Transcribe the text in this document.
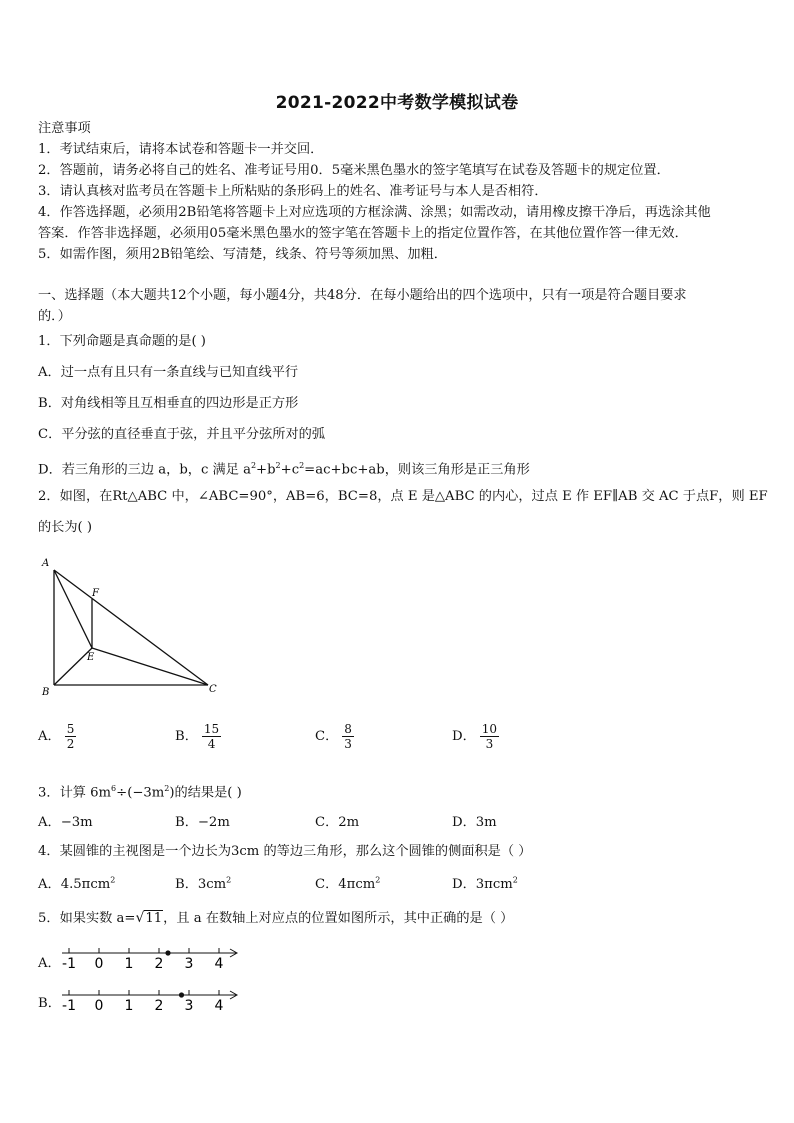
2021-2022中考数学模拟试卷
注意事项
1．考试结束后，请将本试卷和答题卡一并交回．
2．答题前，请务必将自己的姓名、准考证号用0．5毫米黑色墨水的签字笔填写在试卷及答题卡的规定位置．
3．请认真核对监考员在答题卡上所粘贴的条形码上的姓名、准考证号与本人是否相符．
4．作答选择题，必须用2B铅笔将答题卡上对应选项的方框涂满、涂黑；如需改动，请用橡皮擦干净后，再选涂其他
答案．作答非选择题，必须用05毫米黑色墨水的签字笔在答题卡上的指定位置作答，在其他位置作答一律无效．
5．如需作图，须用2B铅笔绘、写清楚，线条、符号等须加黑、加粗．
一、选择题（本大题共12个小题，每小题4分，共48分．在每小题给出的四个选项中，只有一项是符合题目要求
的．）
1．下列命题是真命题的是( )
A．过一点有且只有一条直线与已知直线平行
B．对角线相等且互相垂直的四边形是正方形
C．平分弦的直径垂直于弦，并且平分弦所对的弧
D．若三角形的三边 a，b，c 满足 $a^2+b^2+c^2=ac+bc+ab$，则该三角形是正三角形
2．如图，在Rt△ABC 中，∠ABC=90°，AB=6，BC=8，点 E 是△ABC 的内心，过点 E 作 EF∥AB 交 AC 于点F，则 EF
的长为( )
A
B	C
E
F
A． $\frac{5}{2}$	B． $\frac{15}{4}$	C． $\frac{8}{3}$	D． $\frac{10}{3}$
3．计算 $6m^6\div(-3m^2)$的结果是( )
A．−3m	B．−2m	C．2m	D．3m
4．某圆锥的主视图是一个边长为3cm 的等边三角形，那么这个圆锥的侧面积是（ ）
A．4.5πcm$^2$	B．$3cm^2$	C．4πcm$^2$	D．3πcm$^2$
5．如果实数 a=√11，且 a 在数轴上对应点的位置如图所示，其中正确的是（ ）
A． -1 0 1 2 3 4
B． -1 0 1 2 3 4
